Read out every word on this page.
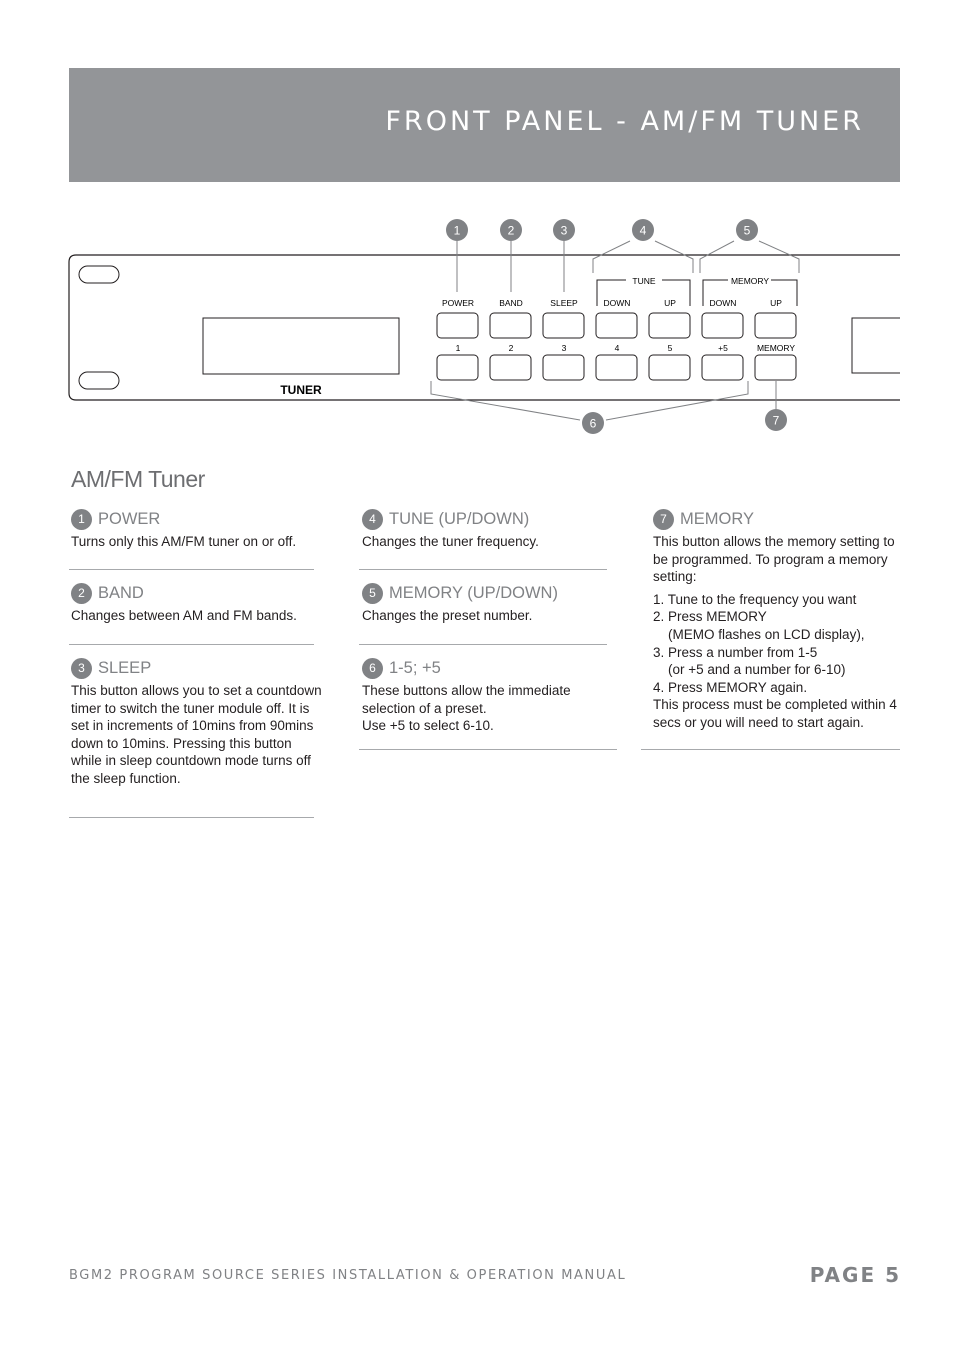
FRONT PANEL - AM/FM TUNER
TUNER
TUNE	MEMORY
1	2	3	4	5
6	7
POWER	BAND	SLEEP	DOWN	UP	DOWN	UP
1	2	3	4	5	+5	MEMORY
AM/FM Tuner
1 POWER
Turns only this AM/FM tuner on or off.
2 BAND
Changes between AM and FM bands.
3 SLEEP
This button allows you to set a countdown timer to switch the tuner module off. It is set in increments of 10mins from 90mins down to 10mins. Pressing this button while in sleep countdown mode turns off the sleep function.
4 TUNE (UP/DOWN)
Changes the tuner frequency.
5 MEMORY (UP/DOWN)
Changes the preset number.
6 1-5; +5

These buttons allow the immediate selection of a preset.

Use +5 to select 6-10.

7 MEMORY
This button allows the memory setting to be programmed. To program a memory setting:
1. Tune to the frequency you want
2. Press MEMORY
(MEMO flashes on LCD display),
3. Press a number from 1-5
(or +5 and a number for 6-10)
4. Press MEMORY again.
This process must be completed within 4 secs or you will need to start again.
BGM2 PROGRAM SOURCE SERIES INSTALLATION & OPERATION MANUAL	PAGE 5
